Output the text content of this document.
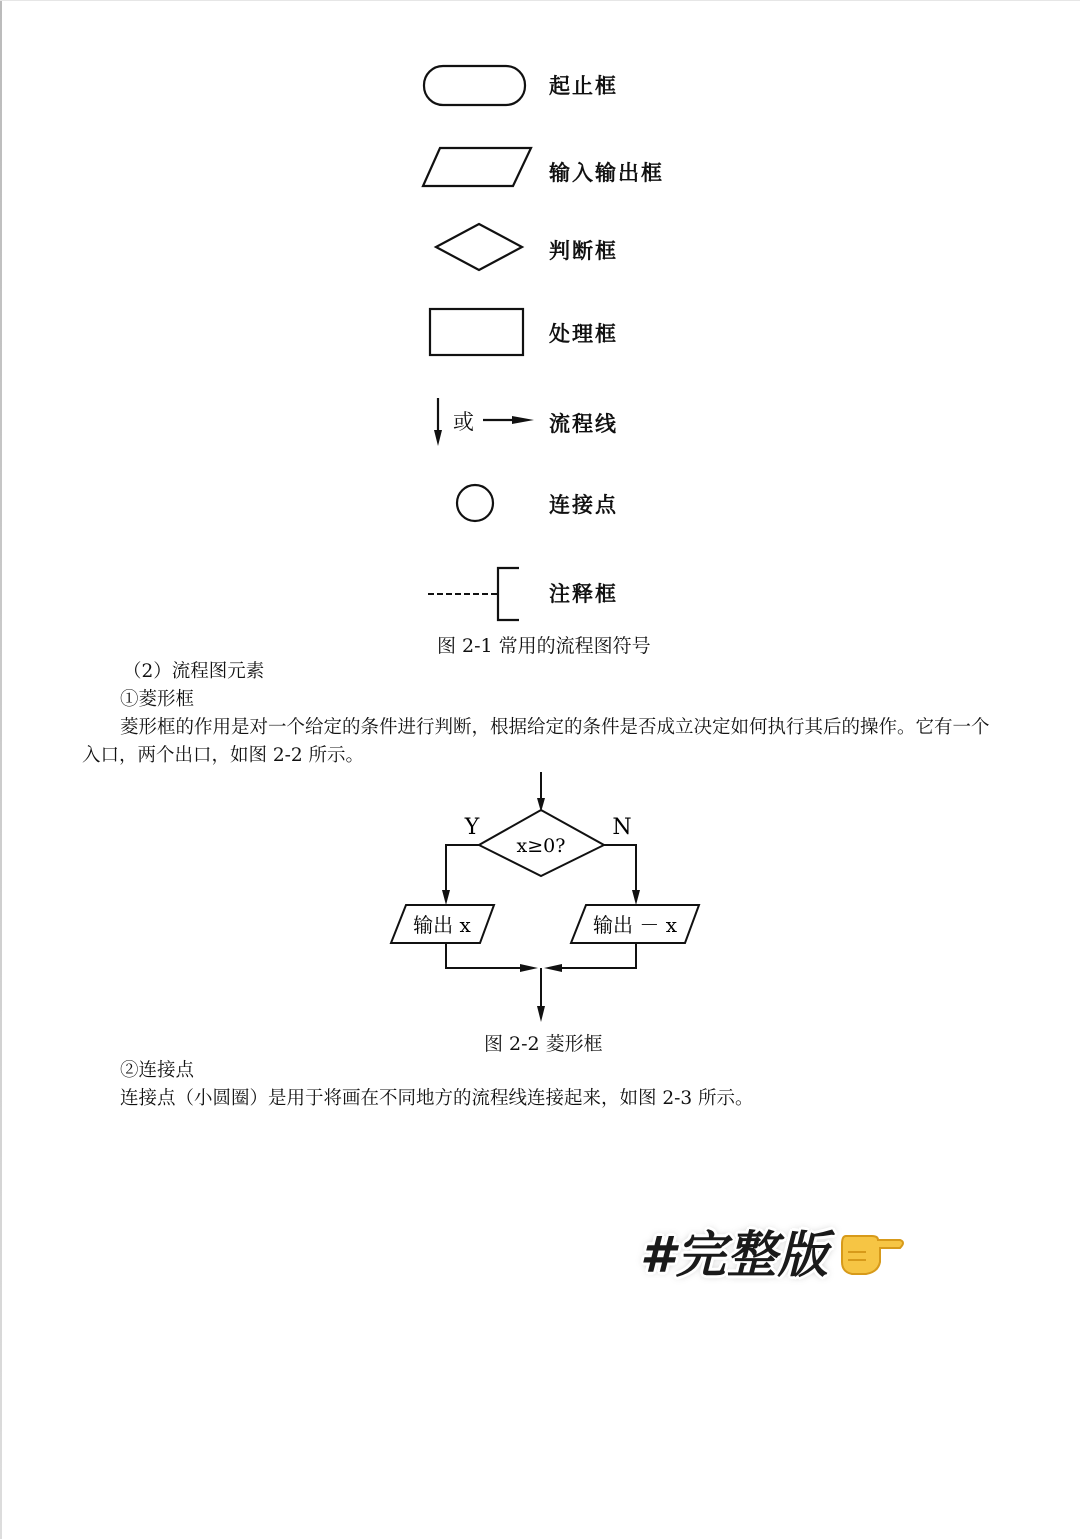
起止框
输入输出框
判断框
处理框
或	流程线
连接点
注释框
图 2-1 常用的流程图符号
（2）流程图元素
①菱形框
菱形框的作用是对一个给定的条件进行判断，根据给定的条件是否成立决定如何执行其后的操作。它有一个
入口，两个出口，如图 2-2 所示。
x≥0?
Y	N
输出 x	输出 － x
图 2-2 菱形框
②连接点
连接点（小圆圈）是用于将画在不同地方的流程线连接起来，如图 2-3 所示。
#完整版
